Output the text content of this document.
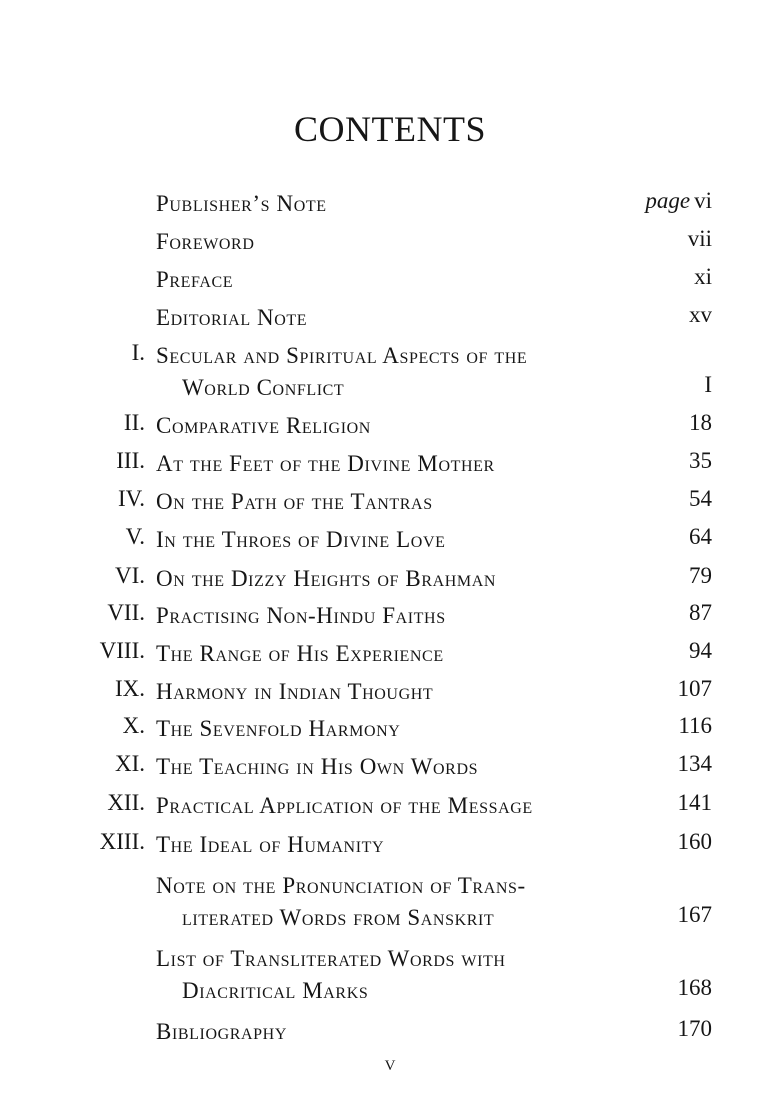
CONTENTS
Publisher’s Note	page vi
Foreword	vii
Preface	xi
Editorial Note	xv
I. Secular and Spiritual Aspects of the
World Conflict	I
II. Comparative Religion	18
III. At the Feet of the Divine Mother	35
IV. On the Path of the Tantras	54
V. In the Throes of Divine Love	64
VI. On the Dizzy Heights of Brahman	79
VII. Practising Non-Hindu Faiths	87
VIII. The Range of His Experience	94
IX. Harmony in Indian Thought	107
X. The Sevenfold Harmony	116
XI. The Teaching in His Own Words	134
XII. Practical Application of the Message	141
XIII. The Ideal of Humanity	160
Note on the Pronunciation of Trans-
literated Words from Sanskrit	167
List of Transliterated Words with
Diacritical Marks	168
Bibliography	170
v
